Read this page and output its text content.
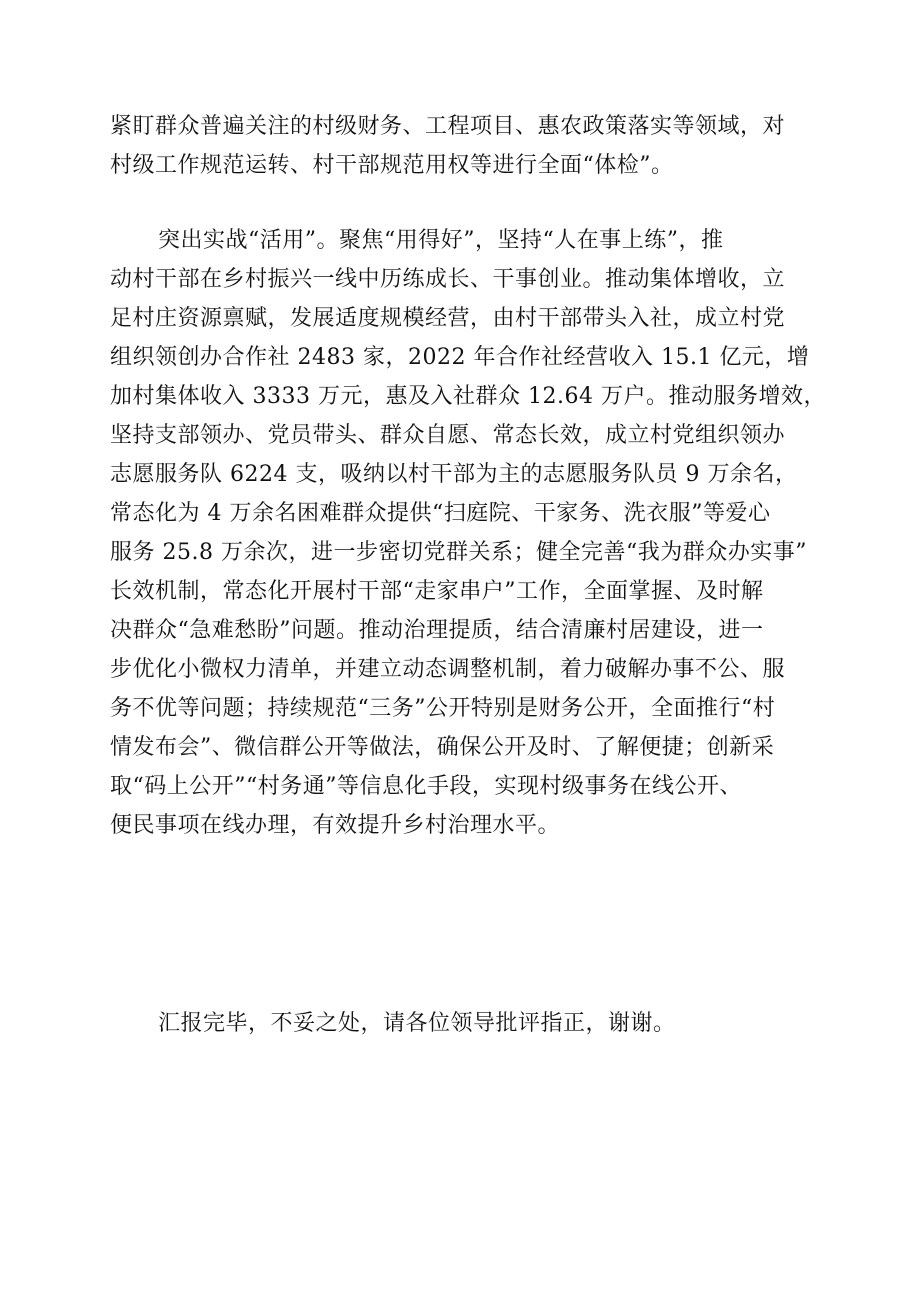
紧盯群众普遍关注的村级财务、工程项目、惠农政策落实等领域，对
村级工作规范运转、村干部规范用权等进行全面“体检”。
突出实战“活用”。聚焦“用得好”，坚持“人在事上练”，推
动村干部在乡村振兴一线中历练成长、干事创业。推动集体增收，立
足村庄资源禀赋，发展适度规模经营，由村干部带头入社，成立村党
组织领创办合作社 2483 家，2022 年合作社经营收入 15.1 亿元，增
加村集体收入 3333 万元，惠及入社群众 12.64 万户。推动服务增效，
坚持支部领办、党员带头、群众自愿、常态长效，成立村党组织领办
志愿服务队 6224 支，吸纳以村干部为主的志愿服务队员 9 万余名，
常态化为 4 万余名困难群众提供“扫庭院、干家务、洗衣服”等爱心
服务 25.8 万余次，进一步密切党群关系；健全完善“我为群众办实事”
长效机制，常态化开展村干部“走家串户”工作，全面掌握、及时解
决群众“急难愁盼”问题。推动治理提质，结合清廉村居建设，进一
步优化小微权力清单，并建立动态调整机制，着力破解办事不公、服
务不优等问题；持续规范“三务”公开特别是财务公开，全面推行“村
情发布会”、微信群公开等做法，确保公开及时、了解便捷；创新采
取“码上公开”“村务通”等信息化手段，实现村级事务在线公开、
便民事项在线办理，有效提升乡村治理水平。
汇报完毕，不妥之处，请各位领导批评指正，谢谢。
